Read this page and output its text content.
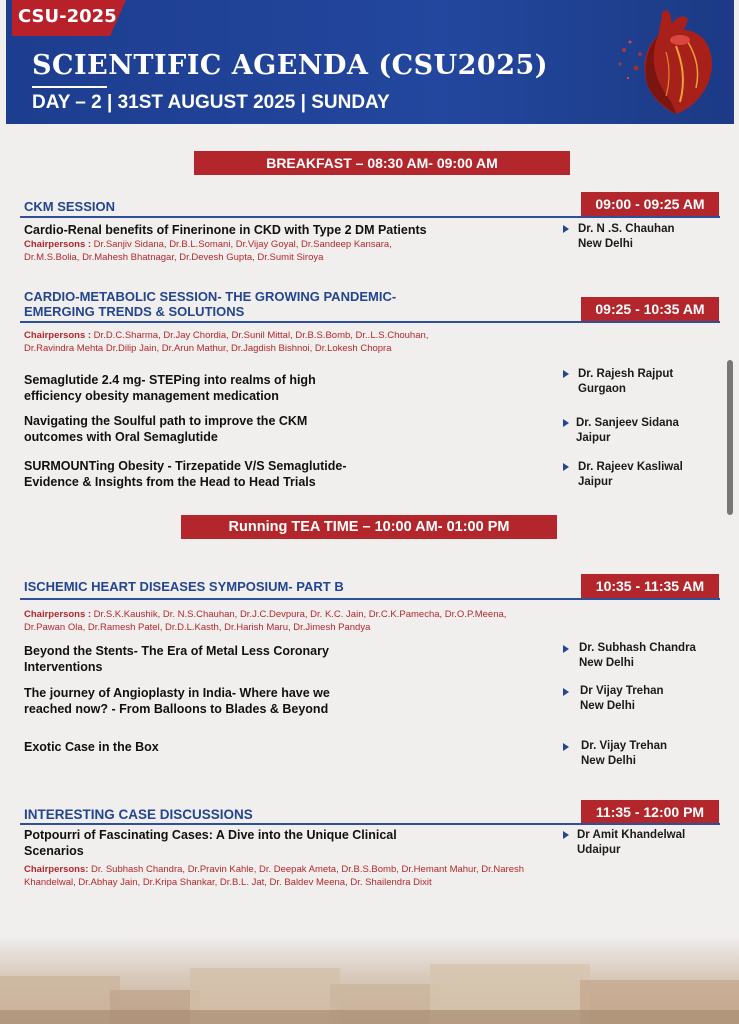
CSU-2025
SCIENTIFIC AGENDA (CSU2025)
DAY – 2 | 31ST AUGUST 2025 | SUNDAY
BREAKFAST – 08:30 AM- 09:00 AM
CKM SESSION	09:00 - 09:25 AM
Cardio-Renal benefits of Finerinone in CKD with Type 2 DM Patients
Chairpersons : Dr.Sanjiv Sidana, Dr.B.L.Somani, Dr.Vijay Goyal, Dr.Sandeep Kansara, Dr.M.S.Bolia, Dr.Mahesh Bhatnagar, Dr.Devesh Gupta, Dr.Sumit Siroya
Dr. N .S. Chauhan
New Delhi
CARDIO-METABOLIC SESSION- THE GROWING PANDEMIC-
EMERGING TRENDS & SOLUTIONS	09:25 - 10:35 AM
Chairpersons : Dr.D.C.Sharma, Dr.Jay Chordia, Dr.Sunil Mittal, Dr.B.S.Bomb, Dr..L.S.Chouhan, Dr.Ravindra Mehta Dr.Dilip Jain, Dr.Arun Mathur, Dr.Jagdish Bishnoi, Dr.Lokesh Chopra
Semaglutide 2.4 mg- STEPing into realms of high
efficiency obesity management medication
Dr. Rajesh Rajput
Gurgaon
Navigating the Soulful path to improve the CKM
outcomes with Oral Semaglutide
Dr. Sanjeev Sidana
Jaipur
SURMOUNTing Obesity - Tirzepatide V/S Semaglutide-
Evidence & Insights from the Head to Head Trials
Dr. Rajeev Kasliwal
Jaipur
Running TEA TIME – 10:00 AM- 01:00 PM
ISCHEMIC HEART DISEASES SYMPOSIUM- PART B	10:35 - 11:35 AM
Chairpersons : Dr.S.K.Kaushik, Dr. N.S.Chauhan, Dr.J.C.Devpura, Dr. K.C. Jain, Dr.C.K.Pamecha, Dr.O.P.Meena, Dr.Pawan Ola, Dr.Ramesh Patel, Dr.D.L.Kasth, Dr.Harish Maru, Dr.Jimesh Pandya
Beyond the Stents- The Era of Metal Less Coronary
Interventions
Dr. Subhash Chandra
New Delhi
The journey of Angioplasty in India- Where have we
reached now? - From Balloons to Blades & Beyond
Dr Vijay Trehan
New Delhi
Exotic Case in the Box	Dr. Vijay Trehan
New Delhi
INTERESTING CASE DISCUSSIONS	11:35 - 12:00 PM
Potpourri of Fascinating Cases: A Dive into the Unique Clinical
Scenarios
Dr Amit Khandelwal
Udaipur
Chairpersons: Dr. Subhash Chandra, Dr.Pravin Kahle, Dr. Deepak Ameta, Dr.B.S.Bomb, Dr.Hemant Mahur, Dr.Naresh Khandelwal, Dr.Abhay Jain, Dr.Kripa Shankar, Dr.B.L. Jat, Dr. Baldev Meena, Dr. Shailendra Dixit
